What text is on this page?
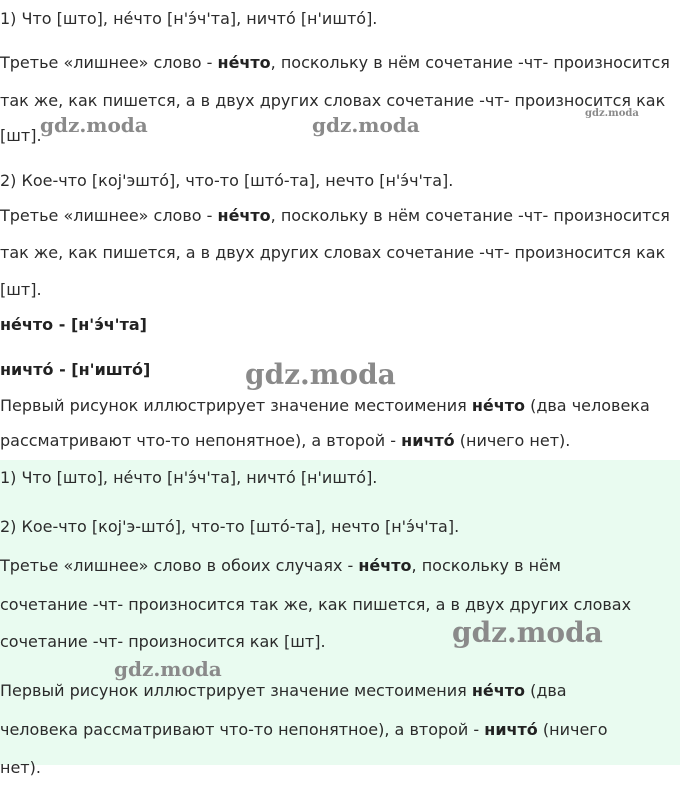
1) Что [што], не́что [н'э́ч'та], ничто́ [н'ишто́].
Третье «лишнее» слово - не́что, поскольку в нём сочетание -чт- произносится
так же, как пишется, а в двух других словах сочетание -чт- произносится как
[шт].
2) Кое-что [кој'эшто́], что-то [што́-та], нечто [н'э́ч'та].
Третье «лишнее» слово - не́что, поскольку в нём сочетание -чт- произносится
так же, как пишется, а в двух других словах сочетание -чт- произносится как
[шт].
не́что - [н'э́ч'та]
ничто́ - [н'ишто́]
Первый рисунок иллюстрирует значение местоимения не́что (два человека
рассматривают что-то непонятное), а второй - ничто́ (ничего нет).
1) Что [што], не́что [н'э́ч'та], ничто́ [н'ишто́].
2) Кое-что [кој'э-што́], что-то [што́-та], нечто [н'э́ч'та].
Третье «лишнее» слово в обоих случаях - не́что, поскольку в нём
сочетание -чт- произносится так же, как пишется, а в двух других словах
сочетание -чт- произносится как [шт].
Первый рисунок иллюстрирует значение местоимения не́что (два
человека рассматривают что-то непонятное), а второй - ничто́ (ничего
нет).
gdz.moda	gdz.moda	gdz.moda
gdz.moda
gdz.moda
gdz.moda
